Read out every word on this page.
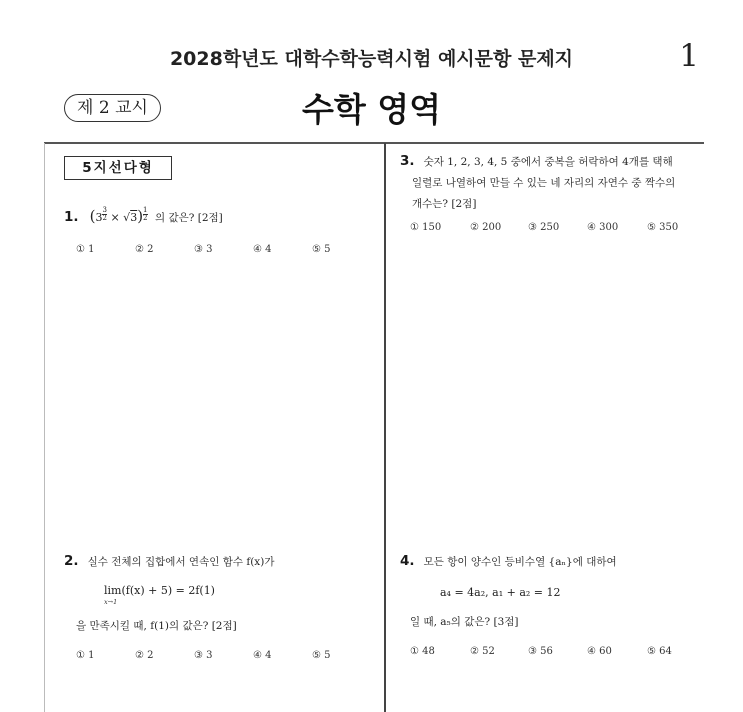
2028학년도 대학수학능력시험 예시문항 문제지	1
제 2 교시	수학 영역
5지선다형
1. $(3^{\frac{3}{2}} \times √3)^{\frac{1}{2}}$ 의 값은? [2점]
① 1	② 2	③ 3	④ 4	⑤ 5
2. 실수 전체의 집합에서 연속인 함수 f(x)가
lim(f(x) + 5) = 2f(1)
x→1
을 만족시킬 때, f(1)의 값은? [2점]
① 1	② 2	③ 3	④ 4	⑤ 5
3. 숫자 1, 2, 3, 4, 5 중에서 중복을 허락하여 4개를 택해
일렬로 나열하여 만들 수 있는 네 자리의 자연수 중 짝수의
개수는? [2점]
① 150	② 200	③ 250	④ 300	⑤ 350
4. 모든 항이 양수인 등비수열 {aₙ}에 대하여
a₄ = 4a₂, a₁ + a₂ = 12
일 때, a₅의 값은? [3점]
① 48	② 52	③ 56	④ 60	⑤ 64
